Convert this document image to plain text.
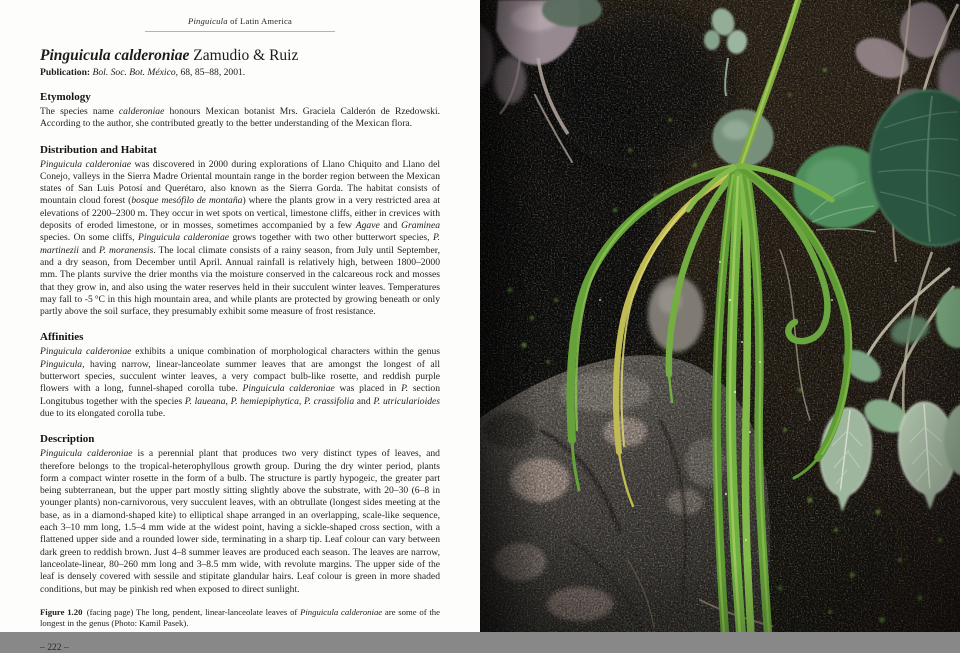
Pinguicula of Latin America
Pinguicula calderoniae Zamudio & Ruiz
Publication: Bol. Soc. Bot. México, 68, 85–88, 2001.
Etymology

The species name calderoniae honours Mexican botanist Mrs. Graciela Calderón de Rzedowski. According to the author, she contributed greatly to the better understanding of the Mexican flora.

Distribution and Habitat

Pinguicula calderoniae was discovered in 2000 during explorations of Llano Chiquito and Llano del Conejo, valleys in the Sierra Madre Oriental mountain range in the border region between the Mexican states of San Luis Potosí and Querétaro, also known as the Sierra Gorda. The habitat consists of mountain cloud forest (bosque mesófilo de montaña) where the plants grow in a very restricted area at elevations of 2200–2300 m. They occur in wet spots on vertical, limestone cliffs, either in crevices with deposits of eroded limestone, or in mosses, sometimes accompanied by a few Agave and Graminea species. On some cliffs, Pinguicula calderoniae grows together with two other butterwort species, P. martinezii and P. moranensis. The local climate consists of a rainy season, from July until September, and a dry season, from December until April. Annual rainfall is relatively high, between 1800–2000 mm. The plants survive the drier months via the moisture conserved in the calcareous rock and mosses that they grow in, and also using the water reserves held in their succulent winter leaves. Temperatures may fall to -5 °C in this high mountain area, and while plants are protected by growing beneath or only partly above the soil surface, they presumably exhibit some measure of frost resistance.

Affinities

Pinguicula calderoniae exhibits a unique combination of morphological characters within the genus Pinguicula, having narrow, linear-lanceolate summer leaves that are amongst the longest of all butterwort species, succulent winter leaves, a very compact bulb-like rosette, and reddish purple flowers with a long, funnel-shaped corolla tube. Pinguicula calderoniae was placed in P. section Longitubus together with the species P. laueana, P. hemiepiphytica, P. crassifolia and P. utricularioides due to its elongated corolla tube.

Description

Pinguicula calderoniae is a perennial plant that produces two very distinct types of leaves, and therefore belongs to the tropical-heterophyllous growth group. During the dry winter period, plants form a compact winter rosette in the form of a bulb. The structure is partly hypogeic, the greater part being subterranean, but the upper part mostly sitting slightly above the substrate, with 20–30 (6–8 in younger plants) non-carnivorous, very succulent leaves, with an obtrullate (longest sides meeting at the base, as in a diamond-shaped kite) to elliptical shape arranged in an overlapping, scale-like sequence, each 3–10 mm long, 1.5–4 mm wide at the widest point, having a sickle-shaped cross section, with a flattened upper side and a rounded lower side, terminating in a sharp tip. Leaf colour can vary between dark green to reddish brown. Just 4–8 summer leaves are produced each season. The leaves are narrow, lanceolate-linear, 80–260 mm long and 3–8.5 mm wide, with revolute margins. The upper side of the leaf is densely covered with sessile and stipitate glandular hairs. Leaf colour is green in more shaded conditions, but may be pinkish red when exposed to direct sunlight.

Figure 1.20 (facing page) The long, pendent, linear-lanceolate leaves of Pinguicula calderoniae are some of the longest in the genus (Photo: Kamil Pasek).
– 222 –
